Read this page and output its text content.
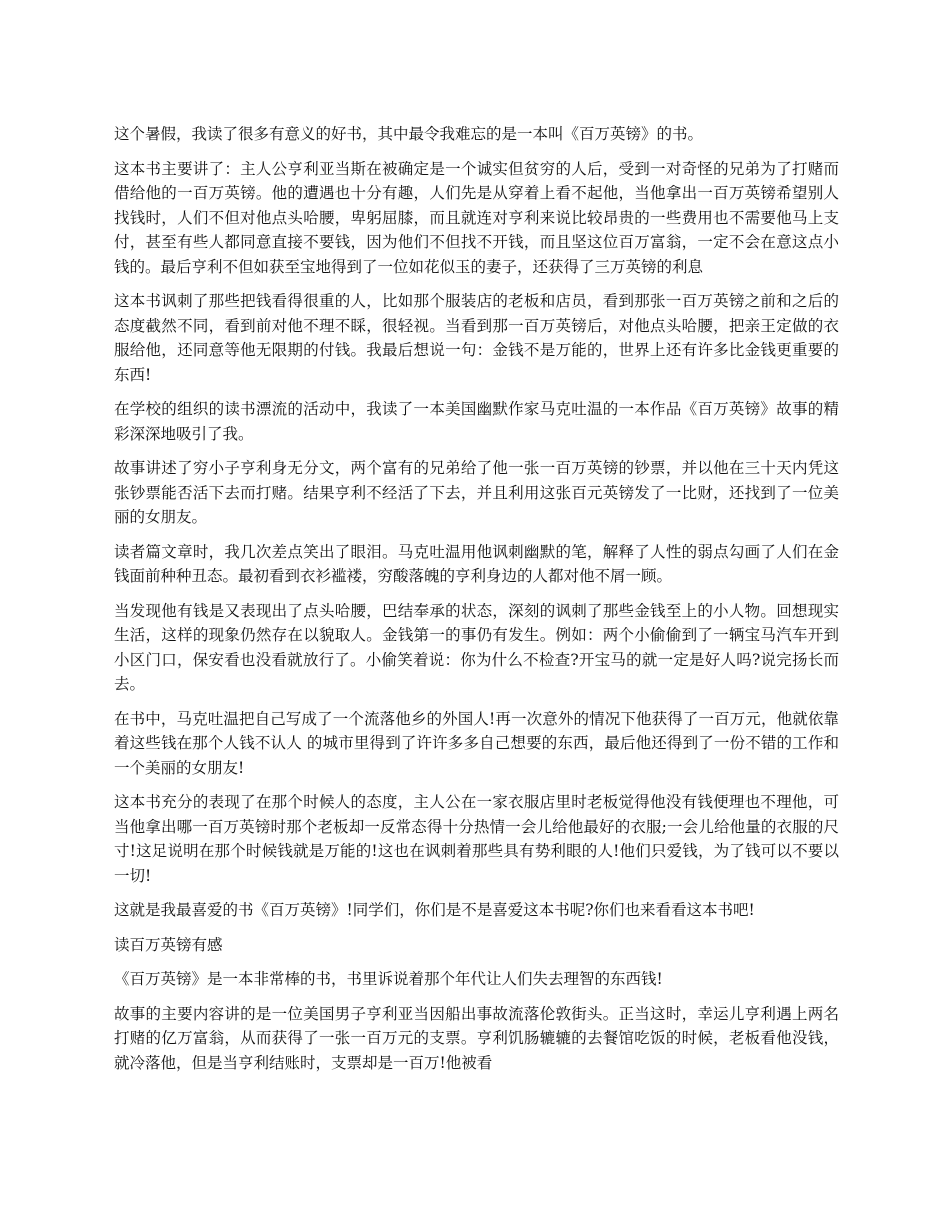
这个暑假，我读了很多有意义的好书，其中最令我难忘的是一本叫《百万英镑》的书。

这本书主要讲了：主人公亨利亚当斯在被确定是一个诚实但贫穷的人后，受到一对奇怪的兄弟为了打赌而借给他的一百万英镑。他的遭遇也十分有趣，人们先是从穿着上看不起他，当他拿出一百万英镑希望别人找钱时，人们不但对他点头哈腰，卑躬屈膝，而且就连对亨利来说比较昂贵的一些费用也不需要他马上支付，甚至有些人都同意直接不要钱，因为他们不但找不开钱，而且坚这位百万富翁，一定不会在意这点小钱的。最后亨利不但如获至宝地得到了一位如花似玉的妻子，还获得了三万英镑的利息

这本书讽刺了那些把钱看得很重的人，比如那个服装店的老板和店员，看到那张一百万英镑之前和之后的态度截然不同，看到前对他不理不睬，很轻视。当看到那一百万英镑后，对他点头哈腰，把亲王定做的衣服给他，还同意等他无限期的付钱。我最后想说一句：金钱不是万能的，世界上还有许多比金钱更重要的东西!

在学校的组织的读书漂流的活动中，我读了一本美国幽默作家马克吐温的一本作品《百万英镑》故事的精彩深深地吸引了我。

故事讲述了穷小子亨利身无分文，两个富有的兄弟给了他一张一百万英镑的钞票，并以他在三十天内凭这张钞票能否活下去而打赌。结果亨利不经活了下去，并且利用这张百元英镑发了一比财，还找到了一位美丽的女朋友。

读者篇文章时，我几次差点笑出了眼泪。马克吐温用他讽刺幽默的笔，解释了人性的弱点勾画了人们在金钱面前种种丑态。最初看到衣衫褴褛，穷酸落魄的亨利身边的人都对他不屑一顾。

当发现他有钱是又表现出了点头哈腰，巴结奉承的状态，深刻的讽刺了那些金钱至上的小人物。回想现实生活，这样的现象仍然存在以貌取人。金钱第一的事仍有发生。例如：两个小偷偷到了一辆宝马汽车开到小区门口，保安看也没看就放行了。小偷笑着说：你为什么不检查?开宝马的就一定是好人吗?说完扬长而去。

在书中，马克吐温把自己写成了一个流落他乡的外国人!再一次意外的情况下他获得了一百万元，他就依靠着这些钱在那个人钱不认人 的城市里得到了许许多多自己想要的东西，最后他还得到了一份不错的工作和一个美丽的女朋友!

这本书充分的表现了在那个时候人的态度，主人公在一家衣服店里时老板觉得他没有钱便理也不理他，可当他拿出哪一百万英镑时那个老板却一反常态得十分热情一会儿给他最好的衣服;一会儿给他量的衣服的尺寸!这足说明在那个时候钱就是万能的!这也在讽刺着那些具有势利眼的人!他们只爱钱，为了钱可以不要以一切!

这就是我最喜爱的书《百万英镑》!同学们，你们是不是喜爱这本书呢?你们也来看看这本书吧!

读百万英镑有感

《百万英镑》是一本非常棒的书，书里诉说着那个年代让人们失去理智的东西钱!

故事的主要内容讲的是一位美国男子亨利亚当因船出事故流落伦敦街头。正当这时，幸运儿亨利遇上两名打赌的亿万富翁，从而获得了一张一百万元的支票。亨利饥肠辘辘的去餐馆吃饭的时候，老板看他没钱，就冷落他，但是当亨利结账时，支票却是一百万!他被看
